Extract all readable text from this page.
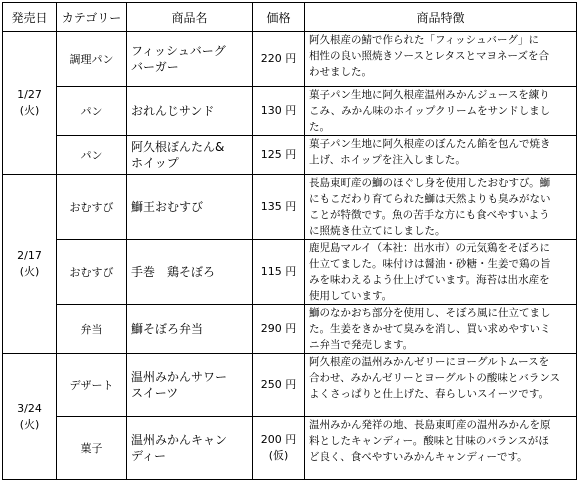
発売日	カテゴリー	商品名	価格	商品特徴

1/27
(火)	調理パン	フィッシュバーグ
バーガー	220 円	阿久根産の鯖で作られた「フィッシュバーグ」に
相性の良い照焼きソースとレタスとマヨネーズを合
わせました。
	パン	おれんじサンド	130 円	菓子パン生地に阿久根産温州みかんジュースを練り
こみ、みかん味のホイップクリームをサンドしまし
た。
	パン	阿久根ぼんたん&
ホイップ	125 円	菓子パン生地に阿久根産のぼんたん餡を包んで焼き
上げ、ホイップを注入しました。

2/17
(火)	おむすび	鰤王おむすび	135 円	長島東町産の鰤のほぐし身を使用したおむすび。鰤
にもこだわり育てられた鰤は天然よりも臭みがない
ことが特徴です。魚の苦手な方にも食べやすいよう
に照焼き仕立てにしました。
	おむすび	手巻　鶏そぼろ	115 円	鹿児島マルイ（本社：出水市）の元気鶏をそぼろに
仕立てました。味付けは醤油・砂糖・生姜で鶏の旨
みを味わえるよう仕上げています。海苔は出水産を
使用しています。
	弁当	鰤そぼろ弁当	290 円	鰤のなかおち部分を使用し、そぼろ風に仕立てまし
た。生姜をきかせて臭みを消し、買い求めやすいミ
ニ弁当で発売します。

3/24
(火)	デザート	温州みかんサワー
スイーツ	250 円	阿久根産の温州みかんゼリーにヨーグルトムースを
合わせ、みかんゼリーとヨーグルトの酸味とバランス
よくさっぱりと仕上げた、春らしいスイーツです。
	菓子	温州みかんキャン
ディー	200 円
(仮)	温州みかん発祥の地、長島東町産の温州みかんを原
料としたキャンディー。酸味と甘味のバランスがほ
ど良く、食べやすいみかんキャンディーです。
